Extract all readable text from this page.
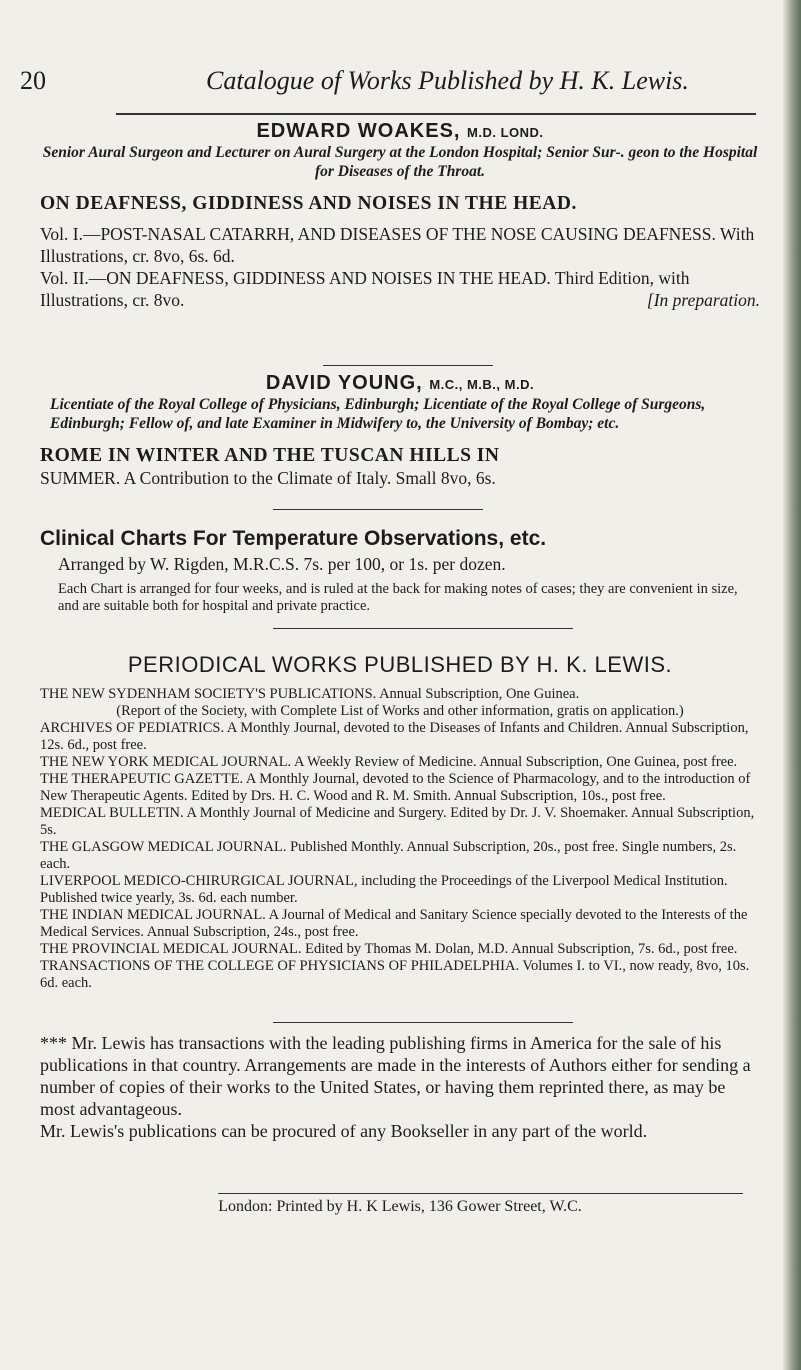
20	Catalogue of Works Published by H. K. Lewis.
EDWARD WOAKES, M.D. LOND.
Senior Aural Surgeon and Lecturer on Aural Surgery at the London Hospital; Senior Sur-. geon to the Hospital for Diseases of the Throat.
ON DEAFNESS, GIDDINESS AND NOISES IN THE HEAD.
Vol. I.—POST-NASAL CATARRH, AND DISEASES OF THE NOSE CAUSING DEAFNESS. With Illustrations, cr. 8vo, 6s. 6d.
Vol. II.—ON DEAFNESS, GIDDINESS AND NOISES IN THE HEAD. Third Edition, with Illustrations, cr. 8vo.	[In preparation.
DAVID YOUNG, M.C., M.B., M.D.
Licentiate of the Royal College of Physicians, Edinburgh; Licentiate of the Royal College of Surgeons, Edinburgh; Fellow of, and late Examiner in Midwifery to, the University of Bombay; etc.
ROME IN WINTER AND THE TUSCAN HILLS IN
SUMMER. A Contribution to the Climate of Italy. Small 8vo, 6s.
Clinical Charts For Temperature Observations, etc.
Arranged by W. Rigden, M.R.C.S. 7s. per 100, or 1s. per dozen.
Each Chart is arranged for four weeks, and is ruled at the back for making notes of cases; they are convenient in size, and are suitable both for hospital and private practice.
PERIODICAL WORKS PUBLISHED BY H. K. LEWIS.

THE NEW SYDENHAM SOCIETY'S PUBLICATIONS. Annual Subscription, One Guinea.

(Report of the Society, with Complete List of Works and other information, gratis on application.)

ARCHIVES OF PEDIATRICS. A Monthly Journal, devoted to the Diseases of Infants and Children. Annual Subscription, 12s. 6d., post free.

THE NEW YORK MEDICAL JOURNAL. A Weekly Review of Medicine. Annual Subscription, One Guinea, post free.

THE THERAPEUTIC GAZETTE. A Monthly Journal, devoted to the Science of Pharmacology, and to the introduction of New Therapeutic Agents. Edited by Drs. H. C. Wood and R. M. Smith. Annual Subscription, 10s., post free.

MEDICAL BULLETIN. A Monthly Journal of Medicine and Surgery. Edited by Dr. J. V. Shoemaker. Annual Subscription, 5s.

THE GLASGOW MEDICAL JOURNAL. Published Monthly. Annual Subscription, 20s., post free. Single numbers, 2s. each.

LIVERPOOL MEDICO-CHIRURGICAL JOURNAL, including the Proceedings of the Liverpool Medical Institution. Published twice yearly, 3s. 6d. each number.

THE INDIAN MEDICAL JOURNAL. A Journal of Medical and Sanitary Science specially devoted to the Interests of the Medical Services. Annual Subscription, 24s., post free.

THE PROVINCIAL MEDICAL JOURNAL. Edited by Thomas M. Dolan, M.D. Annual Subscription, 7s. 6d., post free.

TRANSACTIONS OF THE COLLEGE OF PHYSICIANS OF PHILADELPHIA. Volumes I. to VI., now ready, 8vo, 10s. 6d. each.

*** Mr. Lewis has transactions with the leading publishing firms in America for the sale of his publications in that country. Arrangements are made in the interests of Authors either for sending a number of copies of their works to the United States, or having them reprinted there, as may be most advantageous.
Mr. Lewis's publications can be procured of any Bookseller in any part of the world.
London: Printed by H. K Lewis, 136 Gower Street, W.C.
